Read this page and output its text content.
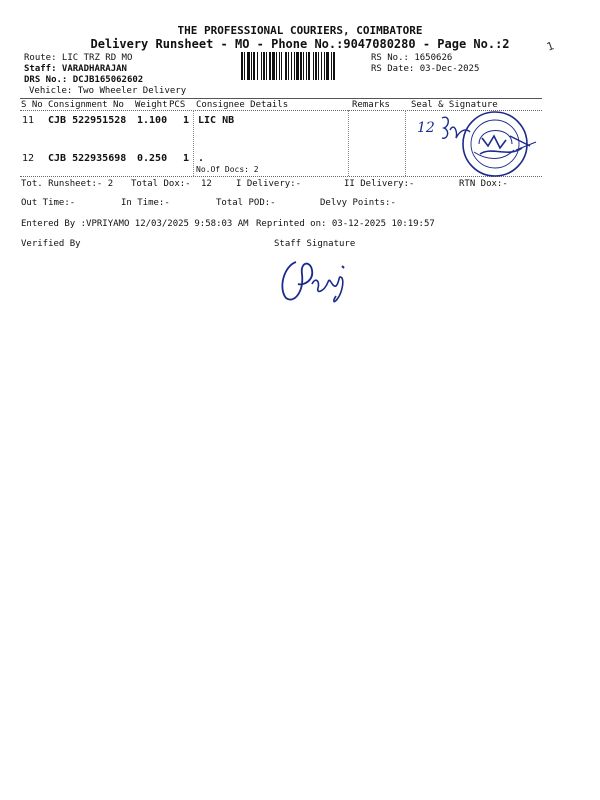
THE PROFESSIONAL COURIERS, COIMBATORE
Delivery Runsheet - MO - Phone No.:9047080280 - Page No.:2	1
Route: LIC TRZ RD MO
Staff: VARADHARAJAN
DRS No.: DCJB165062602
Vehicle: Two Wheeler Delivery
RS No.: 1650626
RS Date: 03-Dec-2025
S No Consignment No Weight PCS Consignee Details	Remarks Seal & Signature
11 CJB 522951528 1.100 1 LIC NB
12 CJB 522935698 0.250 1 .
No.Of Docs: 2
Tot. Runsheet:- 2 Total Dox:- 12	I Delivery:-	II Delivery:-	RTN Dox:-
Out Time:-	In Time:-	Total POD:-	Delvy Points:-
Entered By :VPRIYAMO 12/03/2025 9:58:03 AM Reprinted on: 03-12-2025 10:19:57
Verified By	Staff Signature
12
